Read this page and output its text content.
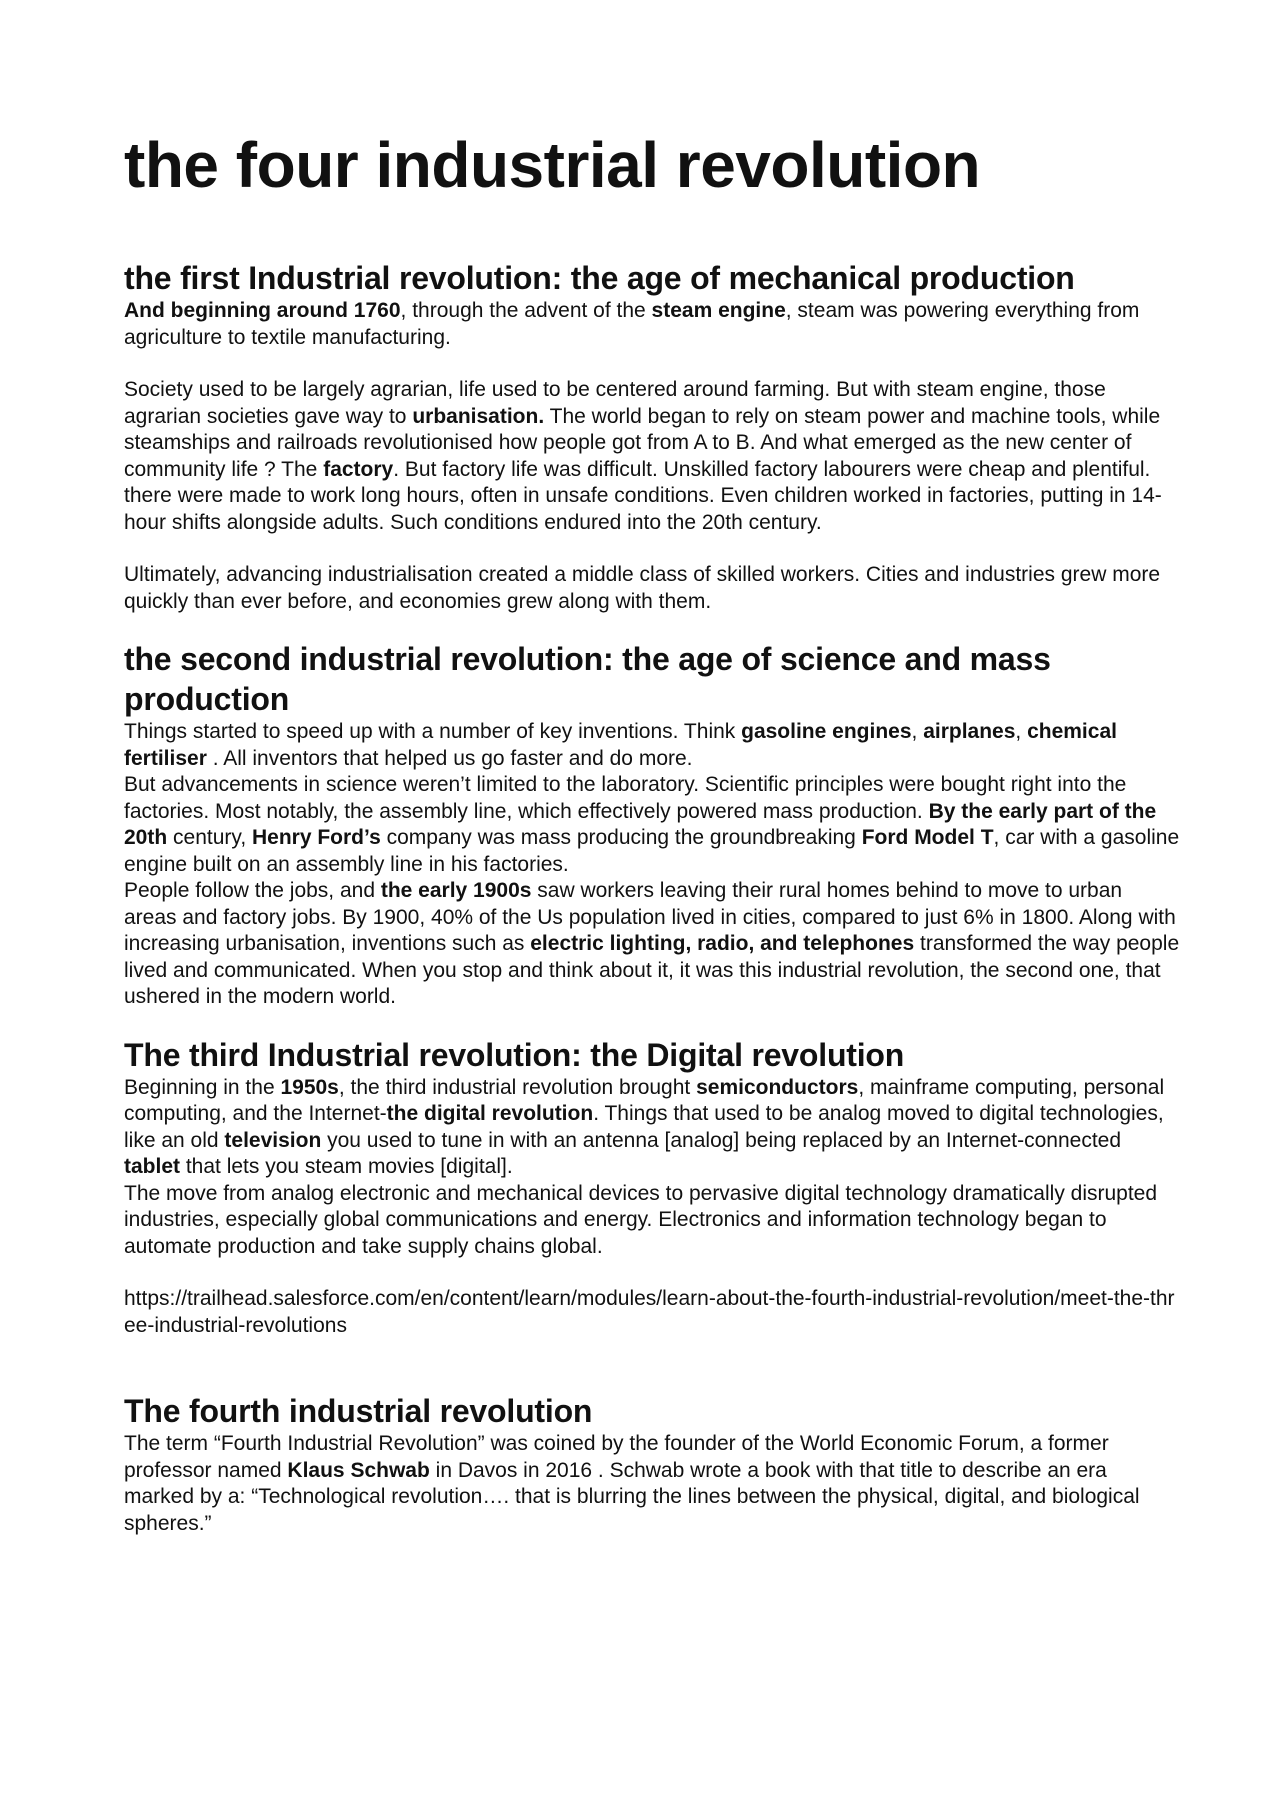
the four industrial revolution
the first Industrial revolution: the age of mechanical production

And beginning around 1760, through the advent of the steam engine, steam was powering everything from agriculture to textile manufacturing.

Society used to be largely agrarian, life used to be centered around farming. But with steam engine, those agrarian societies gave way to urbanisation. The world began to rely on steam power and machine tools, while steamships and railroads revolutionised how people got from A to B. And what emerged as the new center of community life ? The factory. But factory life was difficult. Unskilled factory labourers were cheap and plentiful. there were made to work long hours, often in unsafe conditions. Even children worked in factories, putting in 14-hour shifts alongside adults. Such conditions endured into the 20th century.

Ultimately, advancing industrialisation created a middle class of skilled workers. Cities and industries grew more quickly than ever before, and economies grew along with them.

the second industrial revolution: the age of science and mass production

Things started to speed up with a number of key inventions. Think gasoline engines, airplanes, chemical fertiliser . All inventors that helped us go faster and do more.

But advancements in science weren’t limited to the laboratory. Scientific principles were bought right into the factories. Most notably, the assembly line, which effectively powered mass production. By the early part of the 20th century, Henry Ford’s company was mass producing the groundbreaking Ford Model T, car with a gasoline engine built on an assembly line in his factories.

People follow the jobs, and the early 1900s saw workers leaving their rural homes behind to move to urban areas and factory jobs. By 1900, 40% of the Us population lived in cities, compared to just 6% in 1800. Along with increasing urbanisation, inventions such as electric lighting, radio, and telephones transformed the way people lived and communicated. When you stop and think about it, it was this industrial revolution, the second one, that ushered in the modern world.

The third Industrial revolution: the Digital revolution

Beginning in the 1950s, the third industrial revolution brought semiconductors, mainframe computing, personal computing, and the Internet-the digital revolution. Things that used to be analog moved to digital technologies, like an old television you used to tune in with an antenna [analog] being replaced by an Internet-connected tablet that lets you steam movies [digital].

The move from analog electronic and mechanical devices to pervasive digital technology dramatically disrupted industries, especially global communications and energy. Electronics and information technology began to automate production and take supply chains global.

https://trailhead.salesforce.com/en/content/learn/modules/learn-about-the-fourth-industrial-revolution/meet-the-three-industrial-revolutions

The fourth industrial revolution

The term “Fourth Industrial Revolution” was coined by the founder of the World Economic Forum, a former professor named Klaus Schwab in Davos in 2016 . Schwab wrote a book with that title to describe an era marked by a: “Technological revolution…. that is blurring the lines between the physical, digital, and biological spheres.”
